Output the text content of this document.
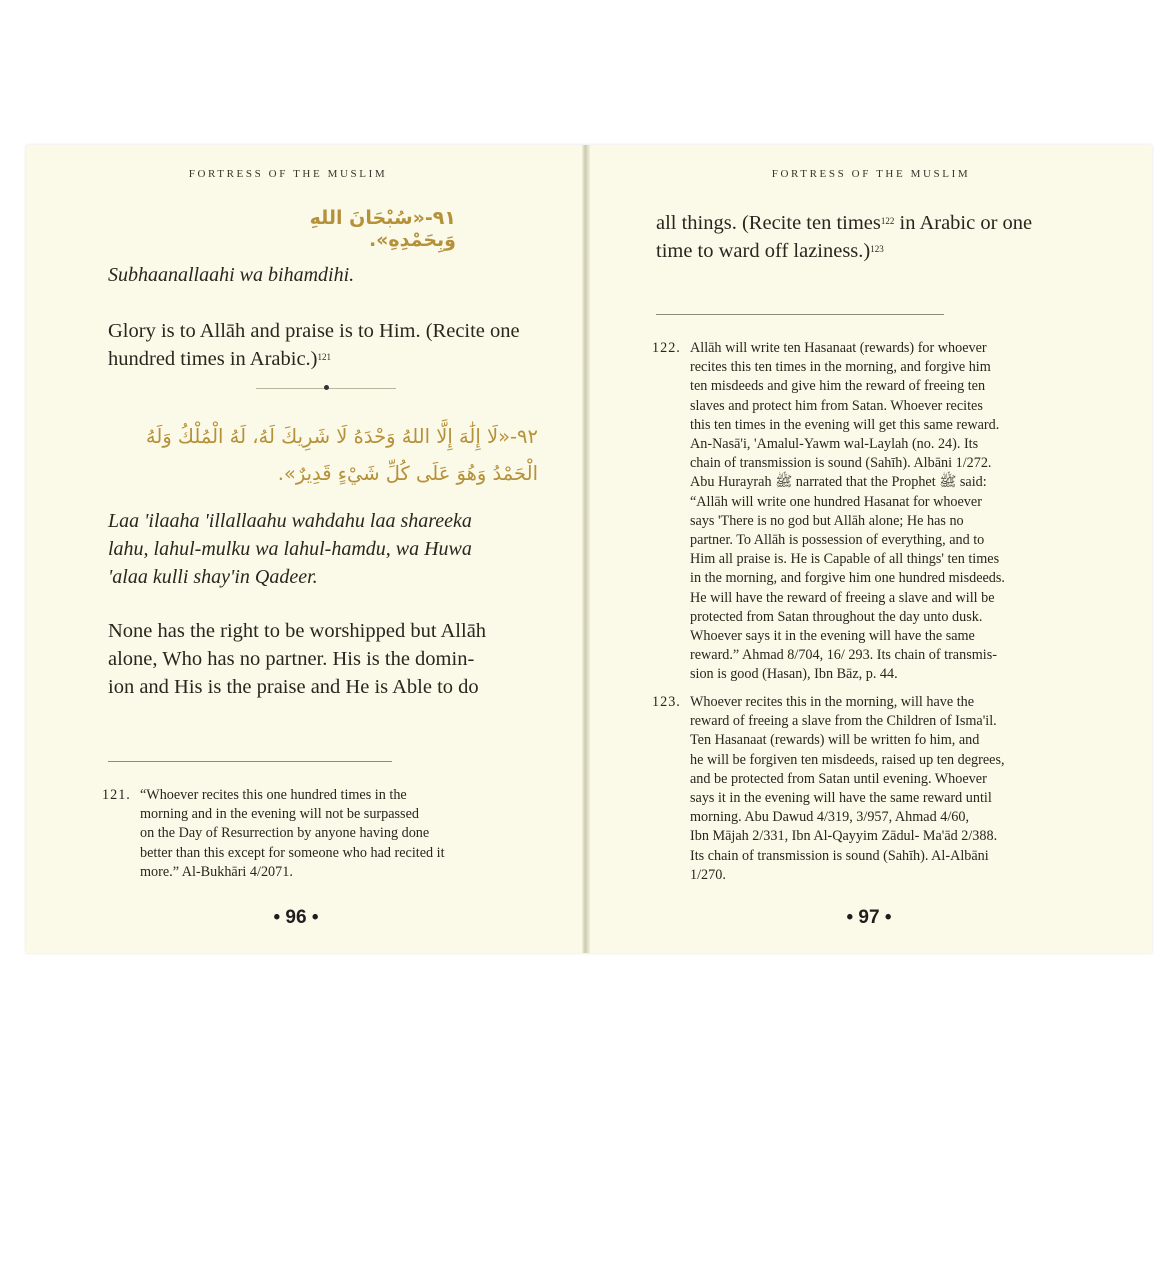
FORTRESS OF THE MUSLIM
٩١-«سُبْحَانَ اللهِ وَبِحَمْدِهِ».
Subhaanallaahi wa bihamdihi.
Glory is to Allāh and praise is to Him. (Recite one hundred times in Arabic.)$^{121}$
٩٢-«لَا إِلَٰهَ إِلَّا اللهُ وَحْدَهُ لَا شَرِيكَ لَهُ، لَهُ الْمُلْكُ وَلَهُ
الْحَمْدُ وَهُوَ عَلَى كُلِّ شَيْءٍ قَدِيرٌ».
Laa 'ilaaha 'illallaahu wahdahu laa shareeka
lahu, lahul-mulku wa lahul-hamdu, wa Huwa
'alaa kulli shay'in Qadeer.
None has the right to be worshipped but Allāh
alone, Who has no partner. His is the domin-
ion and His is the praise and He is Able to do
121. “Whoever recites this one hundred times in the
morning and in the evening will not be surpassed
on the Day of Resurrection by anyone having done
better than this except for someone who had recited it
more.” Al-Bukhāri 4/2071.
• 96 •
FORTRESS OF THE MUSLIM
all things. (Recite ten times$^{122}$ in Arabic or one
time to ward off laziness.)$^{123}$
122. Allāh will write ten Hasanaat (rewards) for whoever
recites this ten times in the morning, and forgive him
ten misdeeds and give him the reward of freeing ten
slaves and protect him from Satan. Whoever recites
this ten times in the evening will get this same reward.
An-Nasā'i, 'Amalul-Yawm wal-Laylah (no. 24). Its
chain of transmission is sound (Sahīh). Albāni 1/272.
Abu Hurayrah ﷺ narrated that the Prophet ﷺ said:
“Allāh will write one hundred Hasanat for whoever
says 'There is no god but Allāh alone; He has no
partner. To Allāh is possession of everything, and to
Him all praise is. He is Capable of all things' ten times
in the morning, and forgive him one hundred misdeeds.
He will have the reward of freeing a slave and will be
protected from Satan throughout the day unto dusk.
Whoever says it in the evening will have the same
reward.” Ahmad 8/704, 16/ 293. Its chain of transmis-
sion is good (Hasan), Ibn Bāz, p. 44.
123. Whoever recites this in the morning, will have the
reward of freeing a slave from the Children of Isma'il.
Ten Hasanaat (rewards) will be written fo him, and
he will be forgiven ten misdeeds, raised up ten degrees,
and be protected from Satan until evening. Whoever
says it in the evening will have the same reward until
morning. Abu Dawud 4/319, 3/957, Ahmad 4/60,
Ibn Mājah 2/331, Ibn Al-Qayyim Zādul- Ma'ād 2/388.
Its chain of transmission is sound (Sahīh). Al-Albāni
1/270.
• 97 •
